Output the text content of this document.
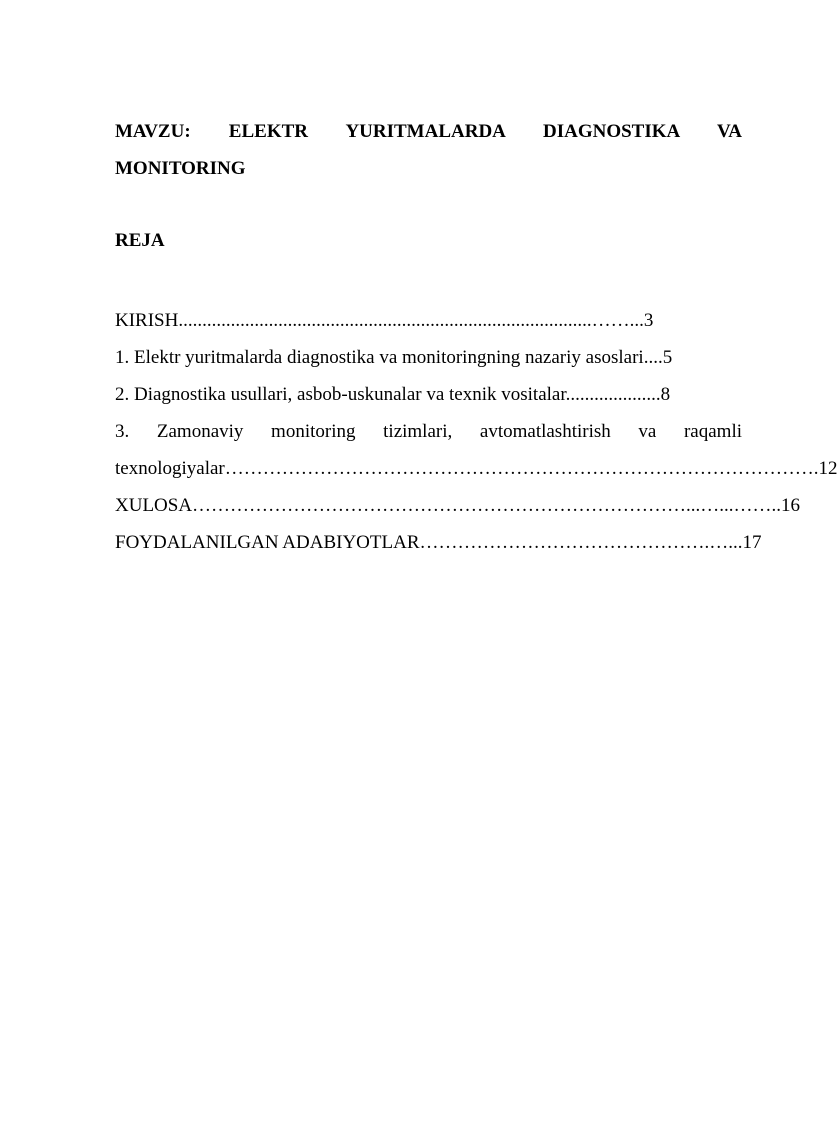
MAVZU: ELEKTR YURITMALARDA DIAGNOSTIKA VA
MONITORING
REJA
KIRISH.......................................................................................……...3
1. Elektr yuritmalarda diagnostika va monitoringning nazariy asoslari....5
2. Diagnostika usullari, asbob-uskunalar va texnik vositalar....................8
3. Zamonaviy monitoring tizimlari, avtomatlashtirish va raqamli
texnologiyalar………………………………………………………………………………….12
XULOSA……………………………………………………………………...…...……..16
FOYDALANILGAN ADABIYOTLAR……………………………………….…...17
